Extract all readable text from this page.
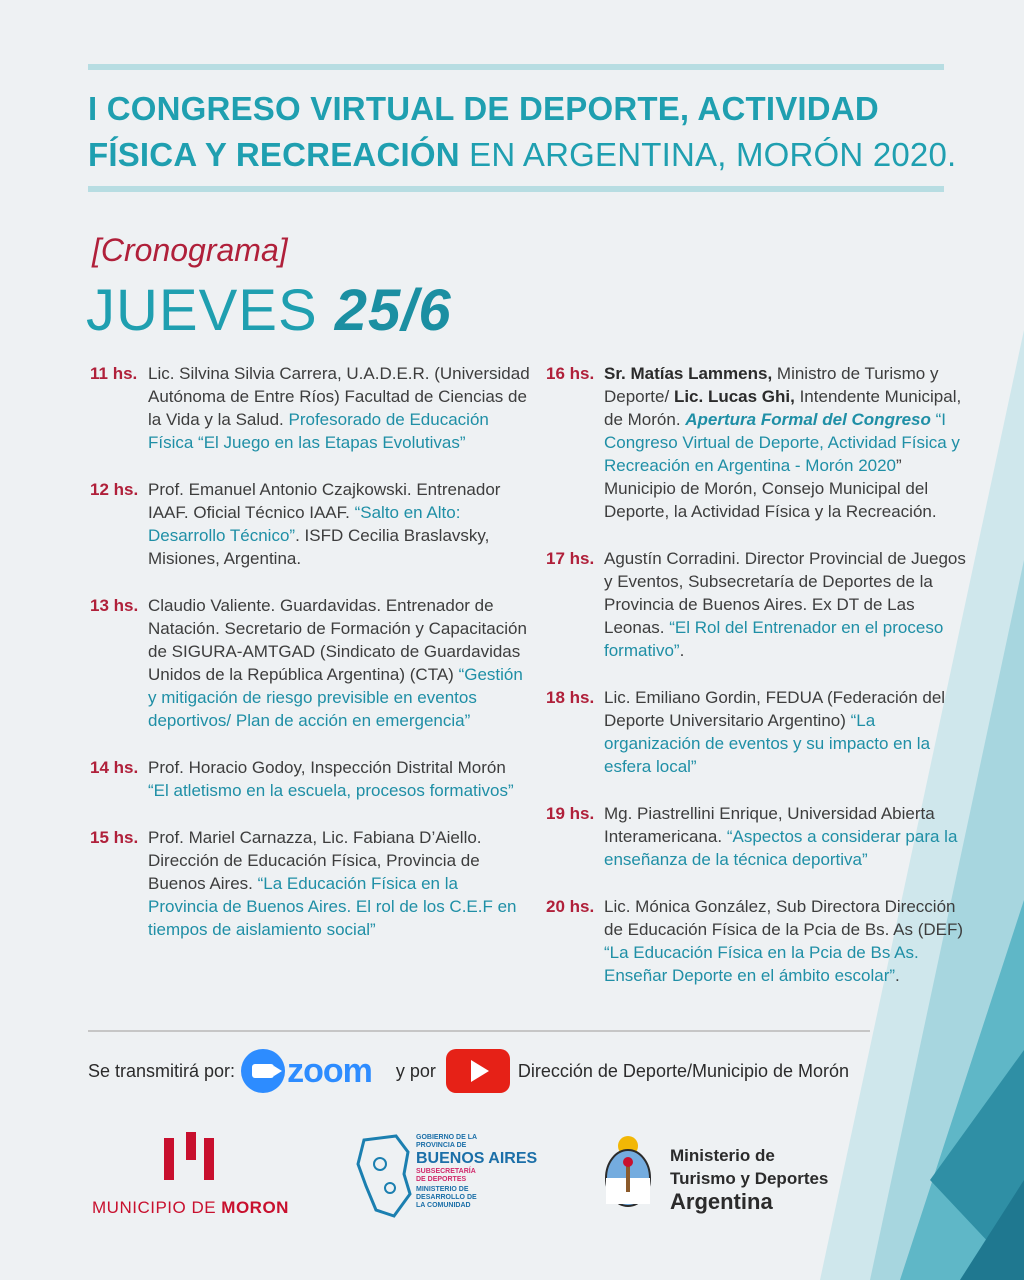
I CONGRESO VIRTUAL DE DEPORTE, ACTIVIDAD FÍSICA Y RECREACIÓN EN ARGENTINA, MORÓN 2020.
[Cronograma]
JUEVES 25/6
11 hs. Lic. Silvina Silvia Carrera, U.A.D.E.R. (Universidad Autónoma de Entre Ríos) Facultad de Ciencias de la Vida y la Salud. Profesorado de Educación Física “El Juego en las Etapas Evolutivas”
12 hs. Prof. Emanuel Antonio Czajkowski. Entrenador IAAF. Oficial Técnico IAAF. “Salto en Alto: Desarrollo Técnico”. ISFD Cecilia Braslavsky, Misiones, Argentina.
13 hs. Claudio Valiente. Guardavidas. Entrenador de Natación. Secretario de Formación y Capacitación de SIGURA-AMTGAD (Sindicato de Guardavidas Unidos de la República Argentina) (CTA) “Gestión y mitigación de riesgo previsible en eventos deportivos/ Plan de acción en emergencia”
14 hs. Prof. Horacio Godoy, Inspección Distrital Morón “El atletismo en la escuela, procesos formativos”
15 hs. Prof. Mariel Carnazza, Lic. Fabiana D’Aiello. Dirección de Educación Física, Provincia de Buenos Aires. “La Educación Física en la Provincia de Buenos Aires. El rol de los C.E.F en tiempos de aislamiento social”
16 hs. Sr. Matías Lammens, Ministro de Turismo y Deporte/ Lic. Lucas Ghi, Intendente Municipal, de Morón. Apertura Formal del Congreso “I Congreso Virtual de Deporte, Actividad Física y Recreación en Argentina - Morón 2020” Municipio de Morón, Consejo Municipal del Deporte, la Actividad Física y la Recreación.
17 hs. Agustín Corradini. Director Provincial de Juegos y Eventos, Subsecretaría de Deportes de la Provincia de Buenos Aires. Ex DT de Las Leonas. “El Rol del Entrenador en el proceso formativo”.
18 hs. Lic. Emiliano Gordin, FEDUA (Federación del Deporte Universitario Argentino) “La organización de eventos y su impacto en la esfera local”
19 hs. Mg. Piastrellini Enrique, Universidad Abierta Interamericana. “Aspectos a considerar para la enseñanza de la técnica deportiva”
20 hs. Lic. Mónica González, Sub Directora Dirección de Educación Física de la Pcia de Bs. As (DEF) “La Educación Física en la Pcia de Bs As. Enseñar Deporte en el ámbito escolar”.
Se transmitirá por: zoom y por	Dirección de Deporte/Municipio de Morón
MUNICIPIO DE MORON
GOBIERNO DE LA PROVINCIA DE
BUENOS AIRES
SUBSECRETARÍA DE DEPORTES
MINISTERIO DE DESARROLLO DE LA COMUNIDAD
Ministerio de
Turismo y Deportes
Argentina
